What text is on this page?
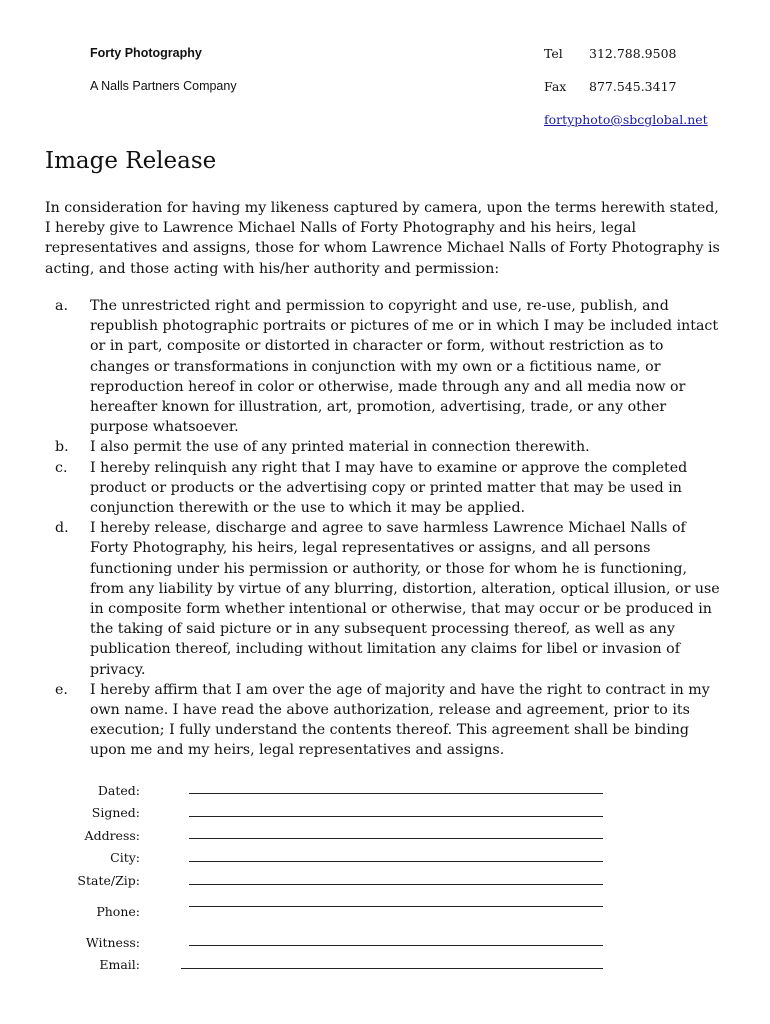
Forty Photography
A Nalls Partners Company
Tel 312.788.9508
Fax 877.545.3417
fortyphoto@sbcglobal.net
Image Release

In consideration for having my likeness captured by camera, upon the terms herewith stated, I hereby give to Lawrence Michael Nalls of Forty Photography and his heirs, legal representatives and assigns, those for whom Lawrence Michael Nalls of Forty Photography is acting, and those acting with his/her authority and permission:

a. The unrestricted right and permission to copyright and use, re-use, publish, and republish photographic portraits or pictures of me or in which I may be included intact or in part, composite or distorted in character or form, without restriction as to changes or transformations in conjunction with my own or a fictitious name, or reproduction hereof in color or otherwise, made through any and all media now or hereafter known for illustration, art, promotion, advertising, trade, or any other purpose whatsoever.
b. I also permit the use of any printed material in connection therewith.
c. I hereby relinquish any right that I may have to examine or approve the completed product or products or the advertising copy or printed matter that may be used in conjunction therewith or the use to which it may be applied.
d. I hereby release, discharge and agree to save harmless Lawrence Michael Nalls of Forty Photography, his heirs, legal representatives or assigns, and all persons functioning under his permission or authority, or those for whom he is functioning, from any liability by virtue of any blurring, distortion, alteration, optical illusion, or use in composite form whether intentional or otherwise, that may occur or be produced in the taking of said picture or in any subsequent processing thereof, as well as any publication thereof, including without limitation any claims for libel or invasion of privacy.
e. I hereby affirm that I am over the age of majority and have the right to contract in my own name. I have read the above authorization, release and agreement, prior to its execution; I fully understand the contents thereof. This agreement shall be binding upon me and my heirs, legal representatives and assigns.
Dated:
Signed:
Address:
City:
State/Zip:
Phone:
Witness:
Email:
